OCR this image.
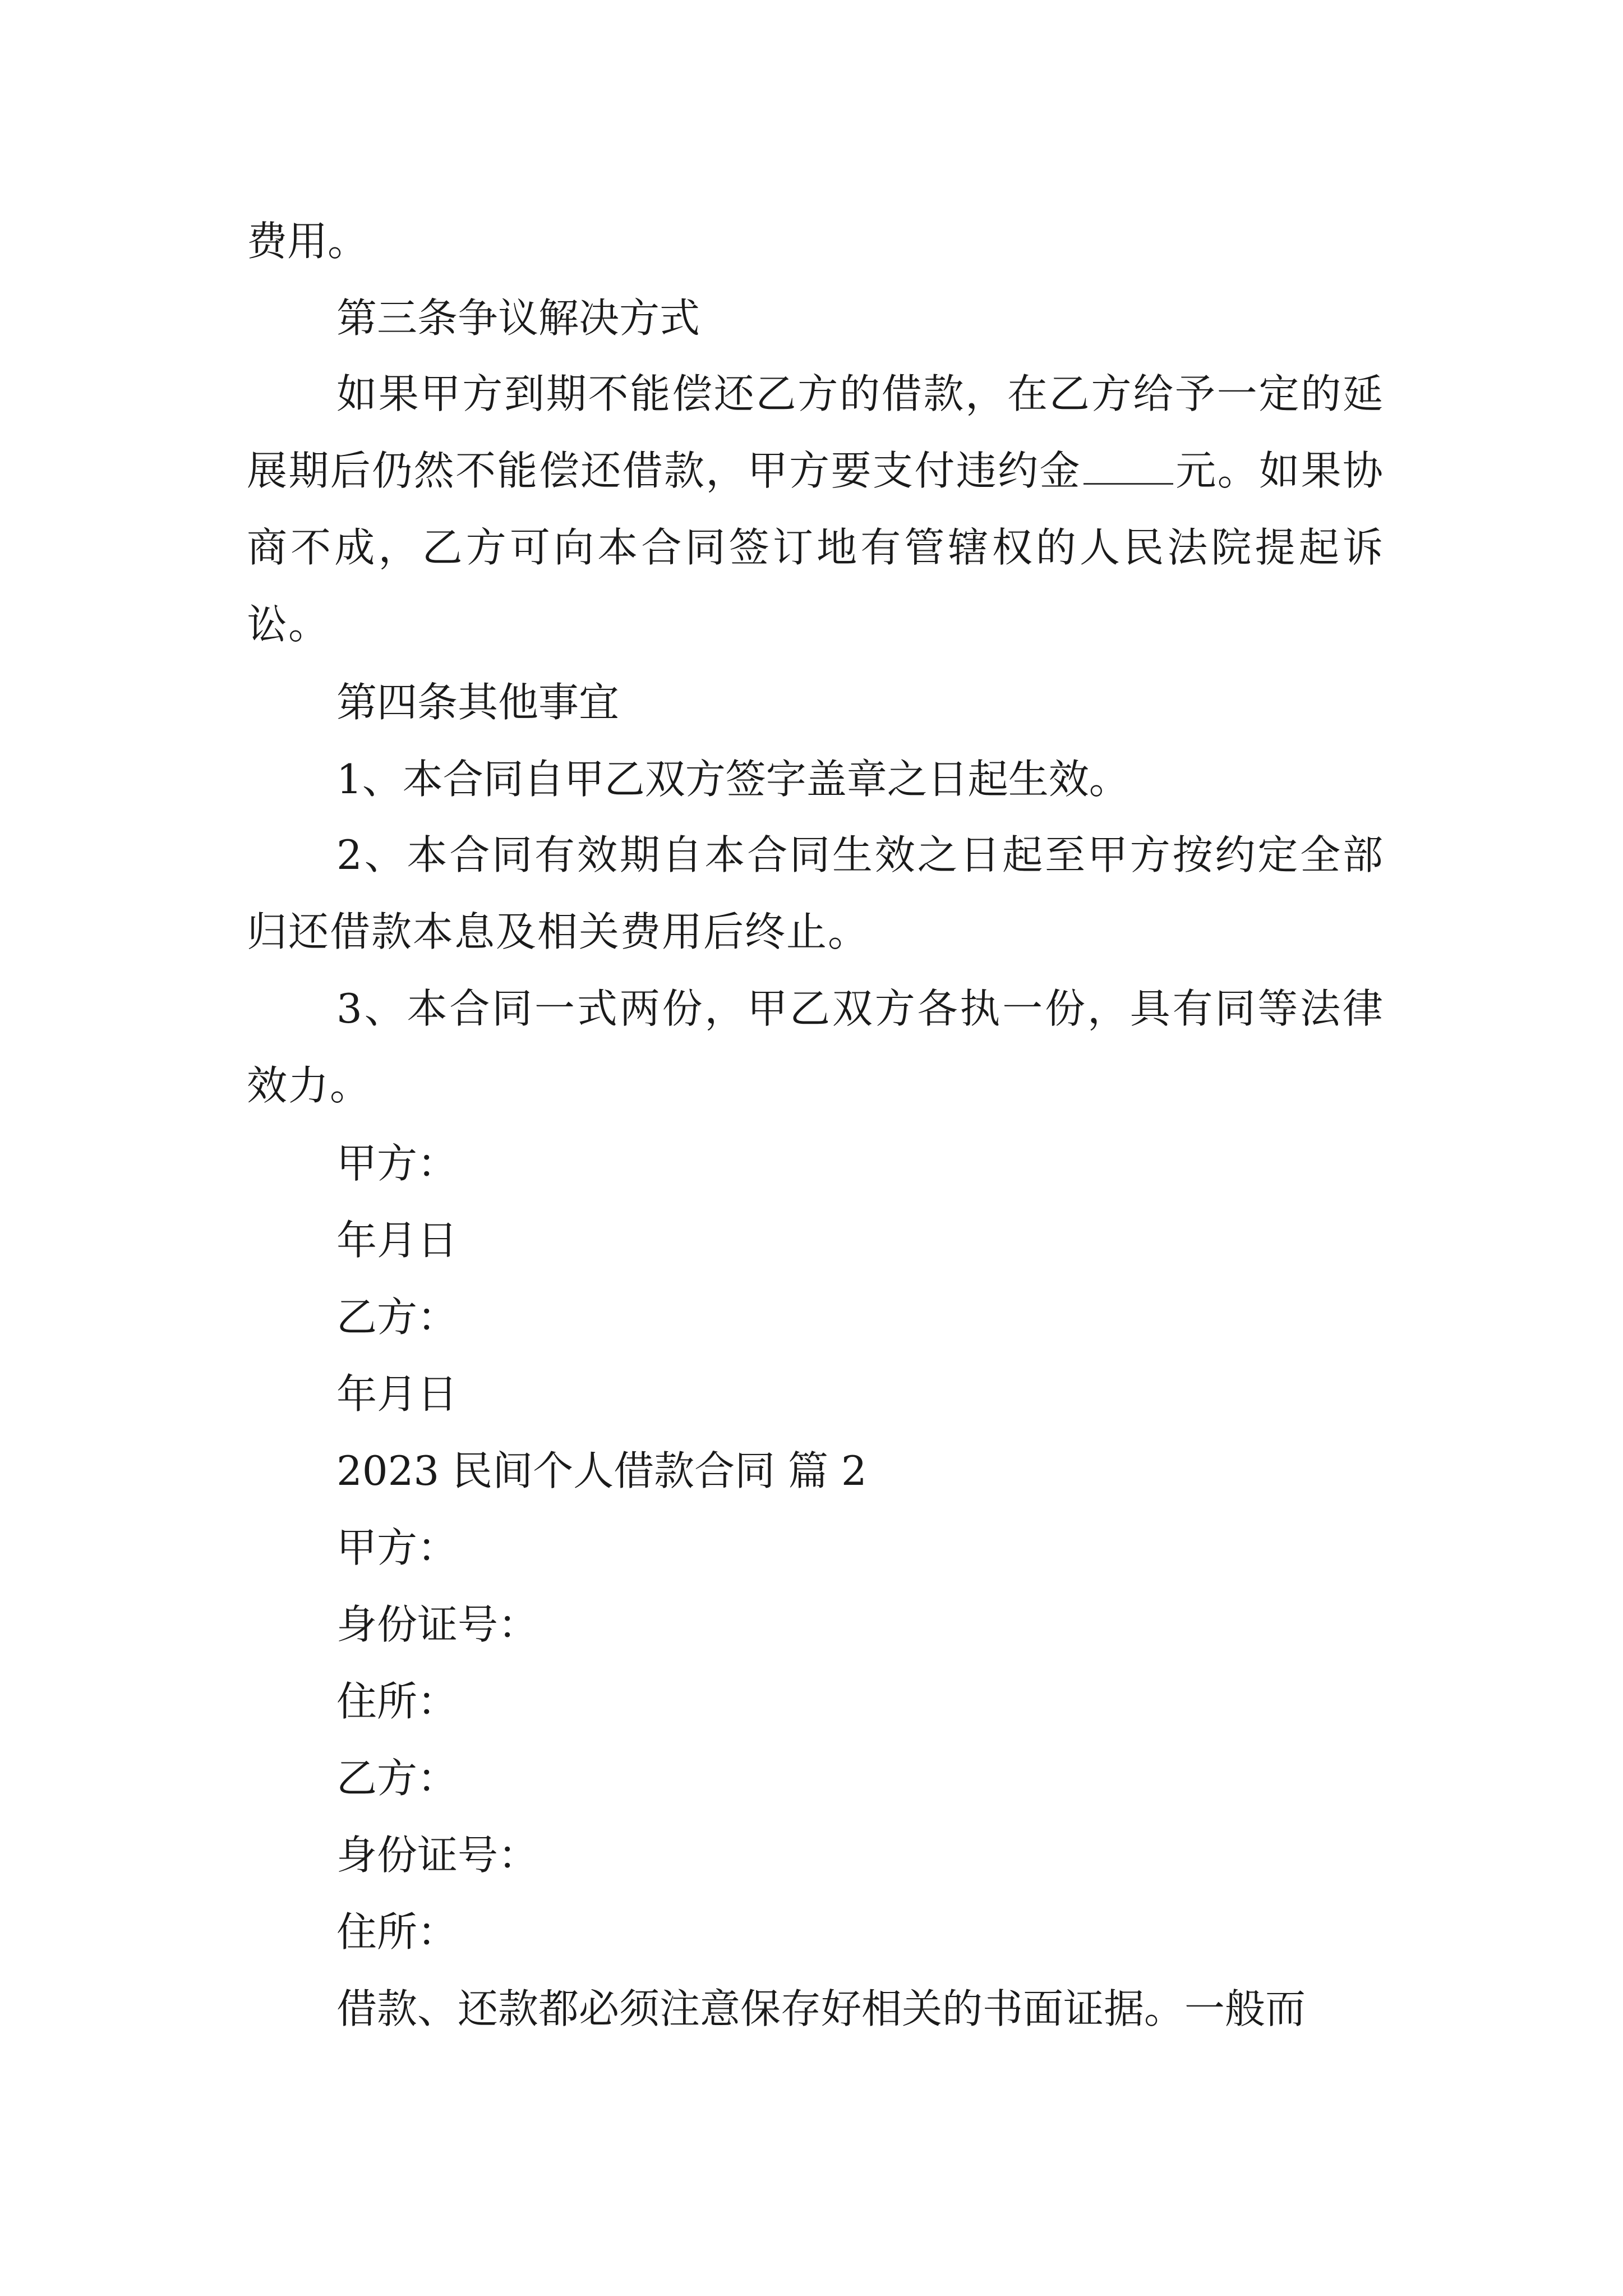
费用。
第三条争议解决方式
如果甲方到期不能偿还乙方的借款，在乙方给予一定的延展期后仍然不能偿还借款，甲方要支付违约金 元。如果协商不成，乙方可向本合同签订地有管辖权的人民法院提起诉讼。
第四条其他事宜
1、本合同自甲乙双方签字盖章之日起生效。
2、本合同有效期自本合同生效之日起至甲方按约定全部归还借款本息及相关费用后终止。
3、本合同一式两份，甲乙双方各执一份，具有同等法律效力。
甲方：
年月日
乙方：
年月日
2023 民间个人借款合同 篇 2
甲方：
身份证号：
住所：
乙方：
身份证号：
住所：
借款、还款都必须注意保存好相关的书面证据。一般而
